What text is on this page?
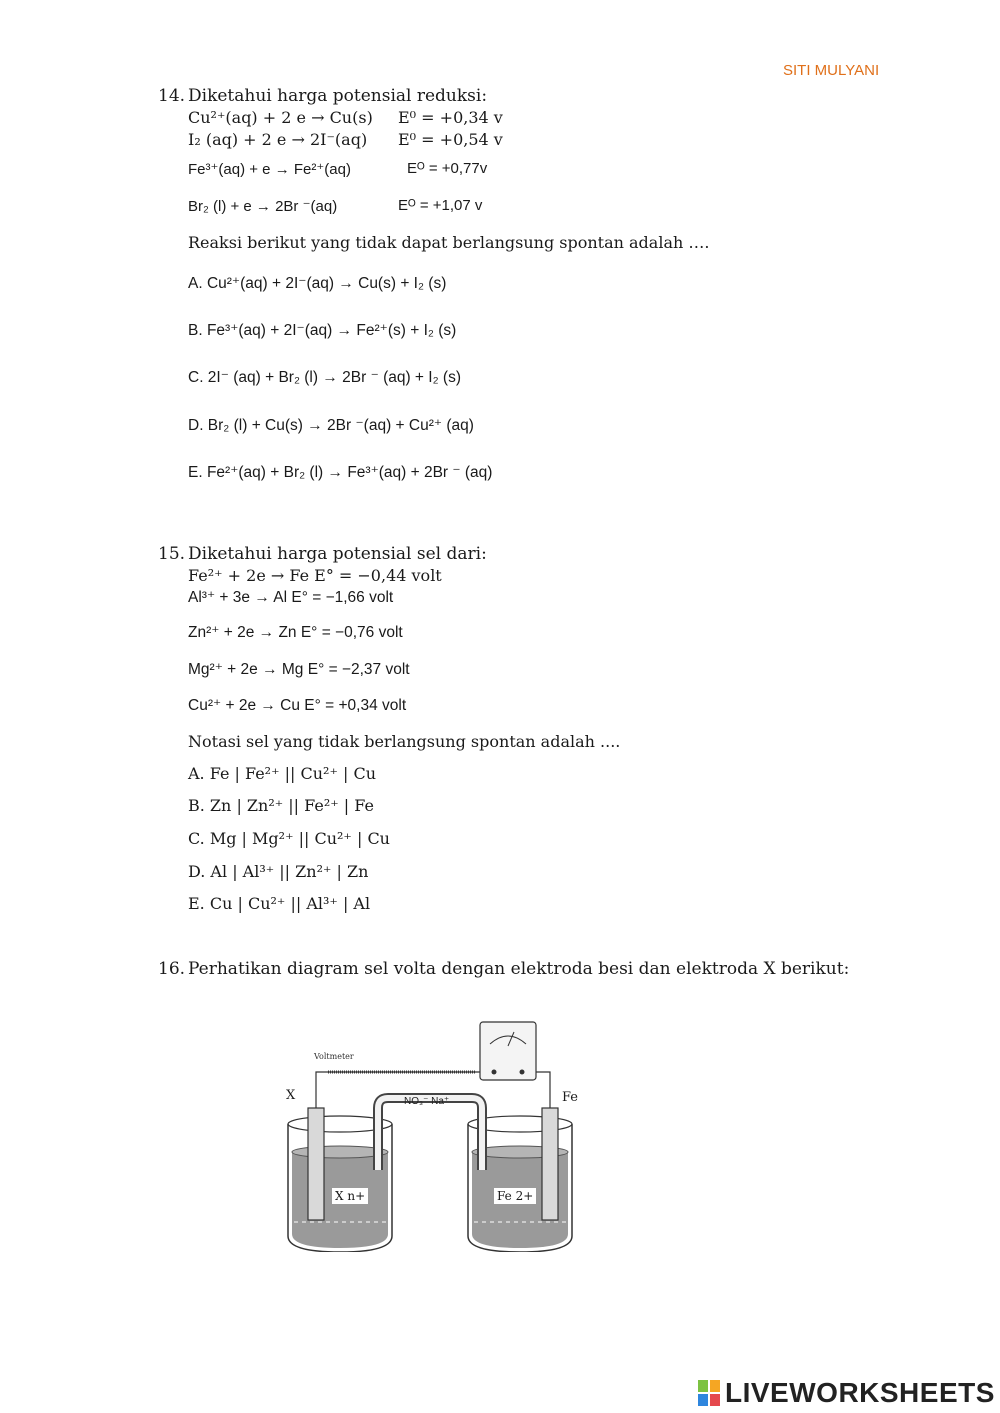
SITI MULYANI
14. Diketahui harga potensial reduksi:
Cu²⁺(aq) + 2 e → Cu(s) E⁰ = +0,34 v
I₂ (aq) + 2 e → 2I⁻(aq) E⁰ = +0,54 v
Fe³⁺(aq) + e → Fe²⁺(aq)	Eᴼ = +0,77v
Br₂ (l) + e → 2Br ⁻(aq)	Eᴼ = +1,07 v
Reaksi berikut yang tidak dapat berlangsung spontan adalah ….
A. Cu²⁺(aq) + 2I⁻(aq) → Cu(s) + I₂ (s)
B. Fe³⁺(aq) + 2I⁻(aq) → Fe²⁺(s) + I₂ (s)
C. 2I⁻ (aq) + Br₂ (l) → 2Br ⁻ (aq) + I₂ (s)
D. Br₂ (l) + Cu(s) → 2Br ⁻(aq) + Cu²⁺ (aq)
E. Fe²⁺(aq) + Br₂ (l) → Fe³⁺(aq) + 2Br ⁻ (aq)
15. Diketahui harga potensial sel dari:
Fe²⁺ + 2e → Fe E° = −0,44 volt
Al³⁺ + 3e → Al E° = −1,66 volt
Zn²⁺ + 2e → Zn E° = −0,76 volt
Mg²⁺ + 2e → Mg E° = −2,37 volt
Cu²⁺ + 2e → Cu E° = +0,34 volt
Notasi sel yang tidak berlangsung spontan adalah ....
A. Fe | Fe²⁺ || Cu²⁺ | Cu
B. Zn | Zn²⁺ || Fe²⁺ | Fe
C. Mg | Mg²⁺ || Cu²⁺ | Cu
D. Al | Al³⁺ || Zn²⁺ | Zn
E. Cu | Cu²⁺ || Al³⁺ | Al
16. Perhatikan diagram sel volta dengan elektroda besi dan elektroda X berikut:
Voltmeter
X	Fe
NO₃⁻ Na⁺
X n+	Fe 2+
LIVEWORKSHEETS
